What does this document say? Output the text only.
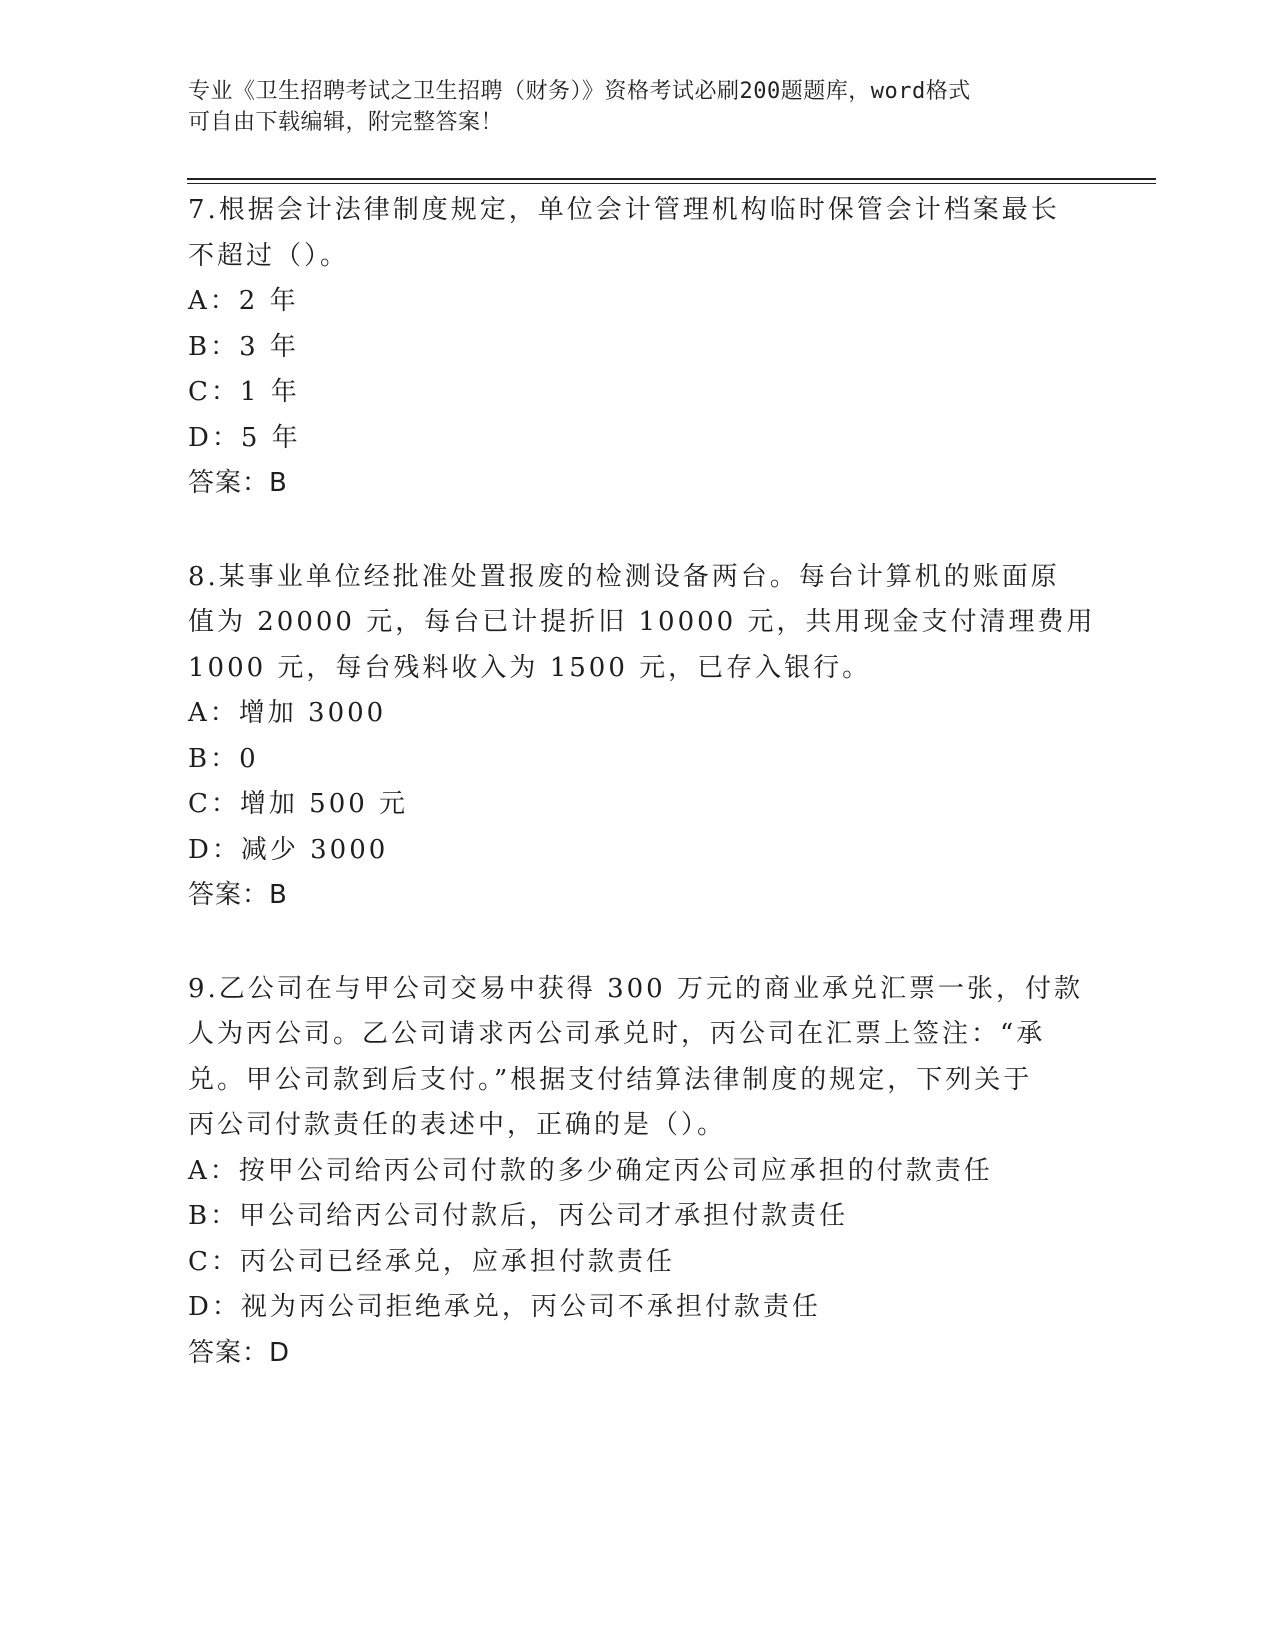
专业《卫生招聘考试之卫生招聘（财务）》资格考试必刷200题题库，word格式
可自由下载编辑，附完整答案！
7.根据会计法律制度规定，单位会计管理机构临时保管会计档案最长
不超过（）。
A：2 年
B：3 年
C：1 年
D：5 年
答案：B
8.某事业单位经批准处置报废的检测设备两台。每台计算机的账面原
值为 20000 元，每台已计提折旧 10000 元，共用现金支付清理费用
1000 元，每台残料收入为 1500 元，已存入银行。
A：增加 3000
B：0
C：增加 500 元
D：减少 3000
答案：B
9.乙公司在与甲公司交易中获得 300 万元的商业承兑汇票一张，付款
人为丙公司。乙公司请求丙公司承兑时，丙公司在汇票上签注：“承
兑。甲公司款到后支付。”根据支付结算法律制度的规定，下列关于
丙公司付款责任的表述中，正确的是（）。
A：按甲公司给丙公司付款的多少确定丙公司应承担的付款责任
B：甲公司给丙公司付款后，丙公司才承担付款责任
C：丙公司已经承兑，应承担付款责任
D：视为丙公司拒绝承兑，丙公司不承担付款责任
答案：D
